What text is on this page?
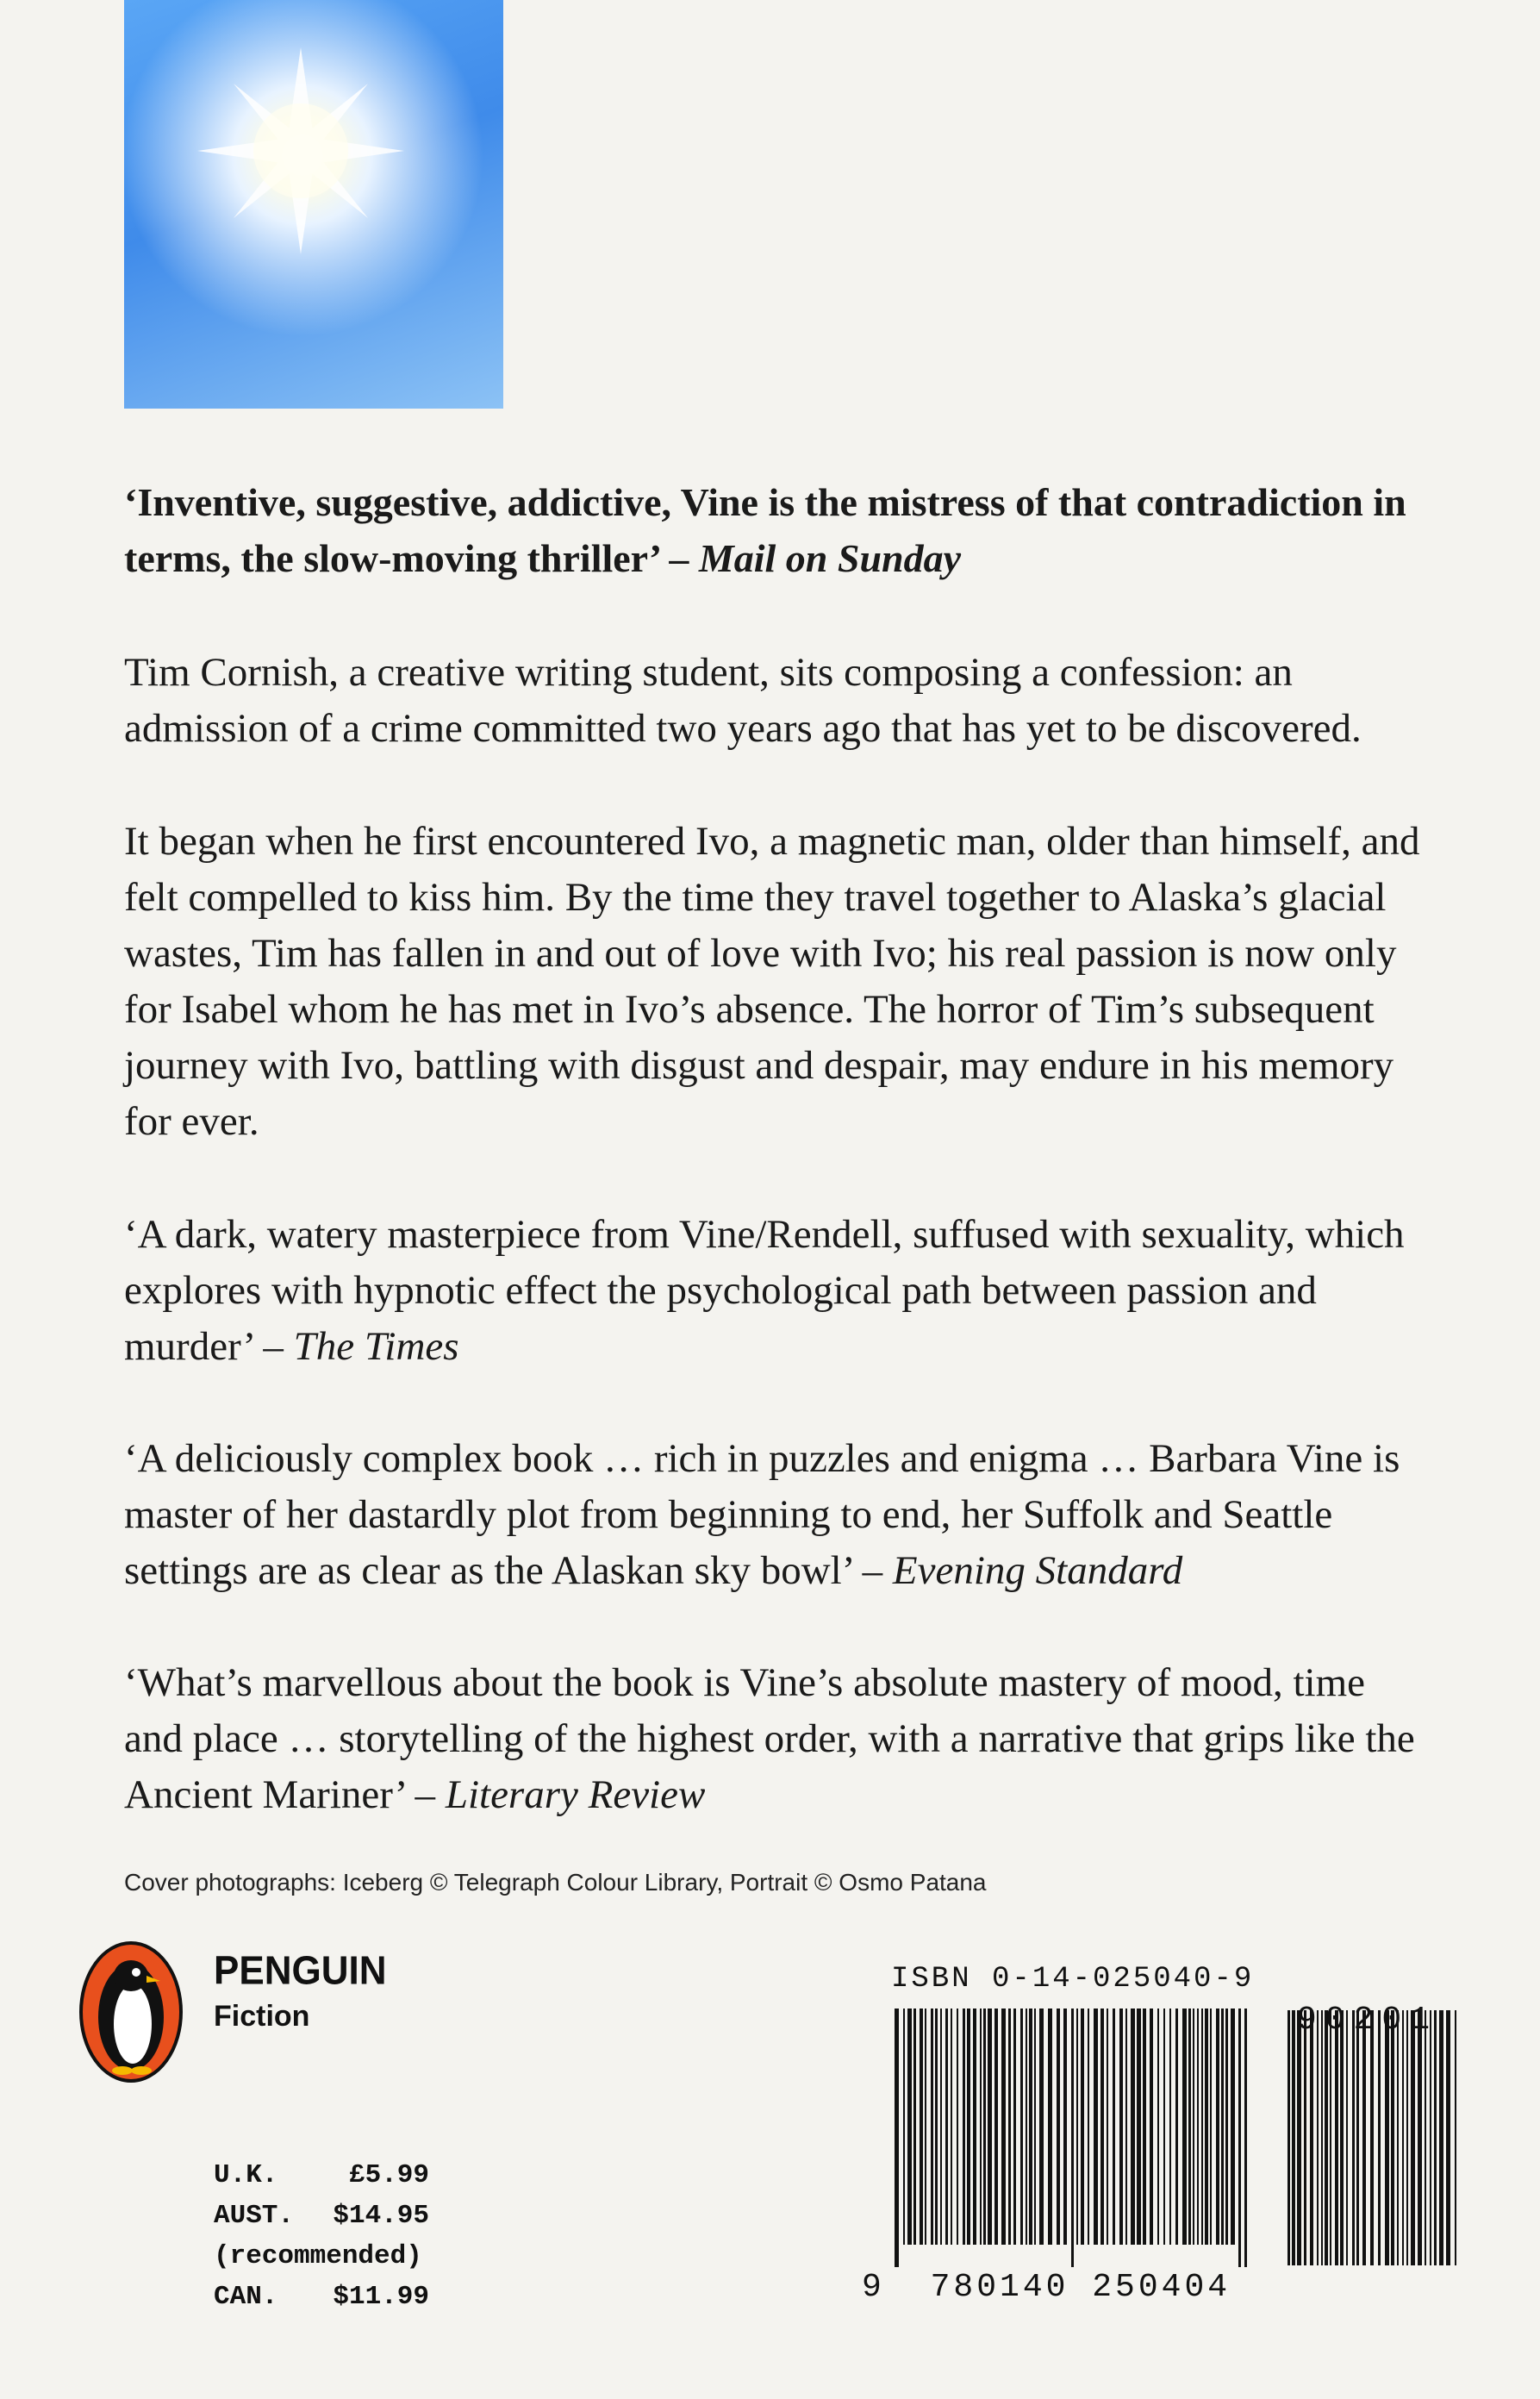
‘Inventive, suggestive, addictive, Vine is the mistress of that contradiction in terms, the slow-moving thriller’ – Mail on Sunday

Tim Cornish, a creative writing student, sits composing a confession: an admission of a crime committed two years ago that has yet to be discovered.

It began when he first encountered Ivo, a magnetic man, older than himself, and felt compelled to kiss him. By the time they travel together to Alaska’s glacial wastes, Tim has fallen in and out of love with Ivo; his real passion is now only for Isabel whom he has met in Ivo’s absence. The horror of Tim’s subsequent journey with Ivo, battling with disgust and despair, may endure in his memory for ever.

‘A dark, watery masterpiece from Vine/Rendell, suffused with sexuality, which explores with hypnotic effect the psychological path between passion and murder’ – The Times

‘A deliciously complex book … rich in puzzles and enigma … Barbara Vine is master of her dastardly plot from beginning to end, her Suffolk and Seattle settings are as clear as the Alaskan sky bowl’ – Evening Standard

‘What’s marvellous about the book is Vine’s absolute mastery of mood, time and place … storytelling of the highest order, with a narrative that grips like the Ancient Mariner’ – Literary Review

Cover photographs: Iceberg © Telegraph Colour Library, Portrait © Osmo Patana
PENGUIN
Fiction
U.K.	£5.99
AUST. $14.95
(recommended)
CAN. $11.99
ISBN 0-14-025040-9
90201
9 780140 250404
